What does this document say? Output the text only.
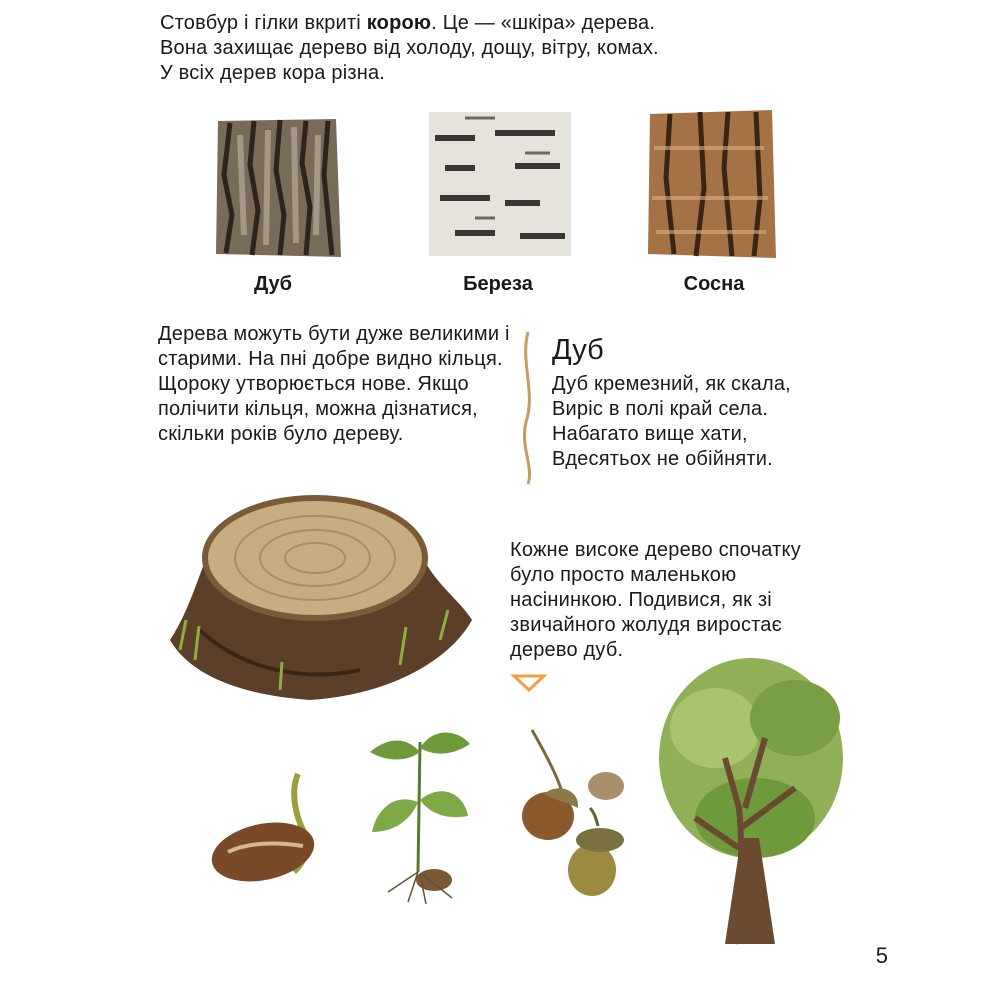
Стовбур і гілки вкриті корою. Це — «шкіра» дерева.
Вона захищає дерево від холоду, дощу, вітру, комах.
У всіх дерев кора різна.
Дуб	Береза	Сосна
Дерева можуть бути дуже великими і старими. На пні добре видно кільця. Щороку утворюється нове. Якщо полічити кільця, можна дізнатися, скільки років було дереву.
Дуб
Дуб кремезний, як скала,
Виріс в полі край села.
Набагато вище хати,
Вдесятьох не обійняти.
Кожне високе дерево спочатку було просто маленькою насінинкою. Подивися, як зі звичайного жолудя виростає дерево дуб.
5
